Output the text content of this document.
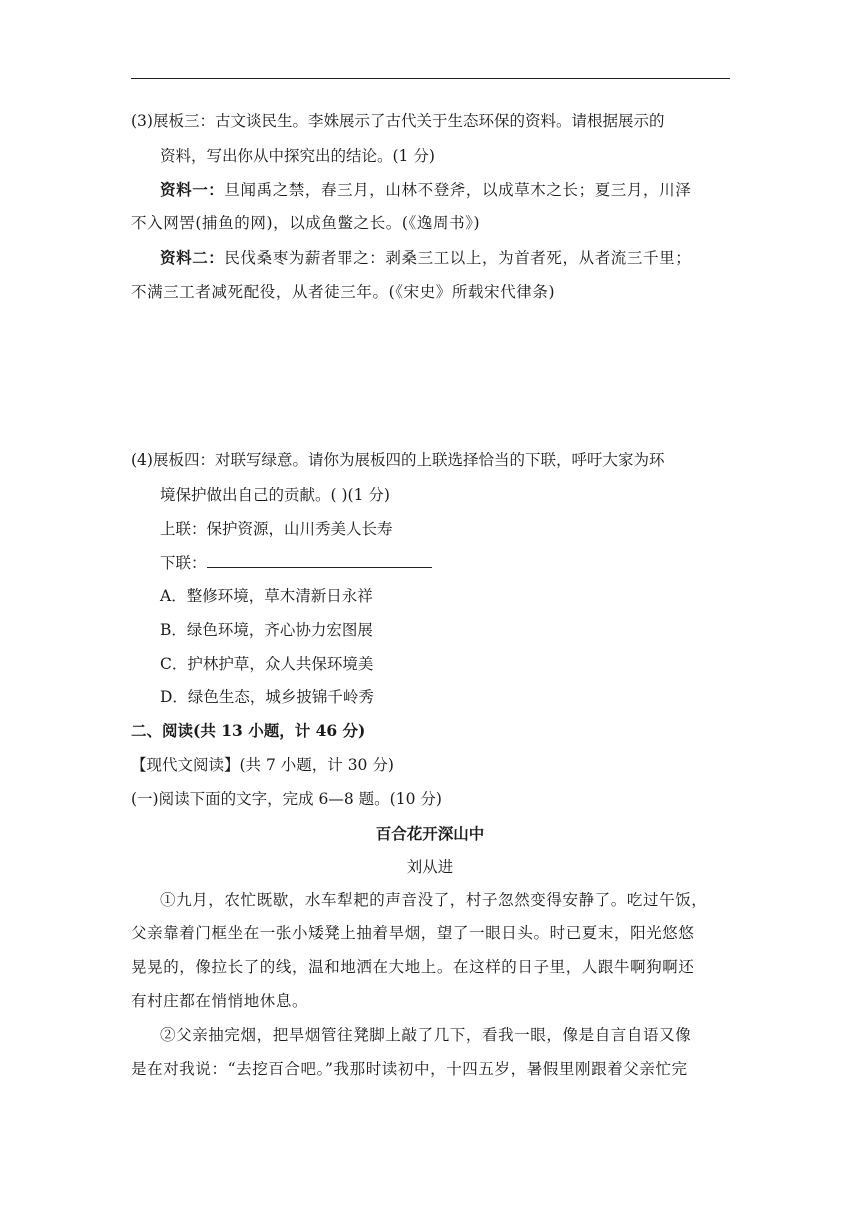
(3)展板三：古文谈民生。李姝展示了古代关于生态环保的资料。请根据展示的
资料，写出你从中探究出的结论。(1 分)
资料一：旦闻禹之禁，春三月，山林不登斧，以成草木之长；夏三月，川泽
不入网罟(捕鱼的网)，以成鱼鳖之长。(《逸周书》)
资料二：民伐桑枣为薪者罪之：剥桑三工以上，为首者死，从者流三千里；
不满三工者减死配役，从者徒三年。(《宋史》所载宋代律条)
(4)展板四：对联写绿意。请你为展板四的上联选择恰当的下联，呼吁大家为环
境保护做出自己的贡献。( )(1 分)
上联：保护资源，山川秀美人长寿
下联：
A．整修环境，草木清新日永祥
B．绿色环境，齐心协力宏图展
C．护林护草，众人共保环境美
D．绿色生态，城乡披锦千岭秀
二、阅读(共 13 小题，计 46 分)
【现代文阅读】(共 7 小题，计 30 分)
(一)阅读下面的文字，完成 6—8 题。(10 分)
百合花开深山中
刘从进
①九月，农忙既歇，水车犁耙的声音没了，村子忽然变得安静了。吃过午饭，
父亲靠着门框坐在一张小矮凳上抽着旱烟，望了一眼日头。时已夏末，阳光悠悠
晃晃的，像拉长了的线，温和地洒在大地上。在这样的日子里，人跟牛啊狗啊还
有村庄都在悄悄地休息。
②父亲抽完烟，把旱烟管往凳脚上敲了几下，看我一眼，像是自言自语又像
是在对我说：“去挖百合吧。”我那时读初中，十四五岁，暑假里刚跟着父亲忙完
